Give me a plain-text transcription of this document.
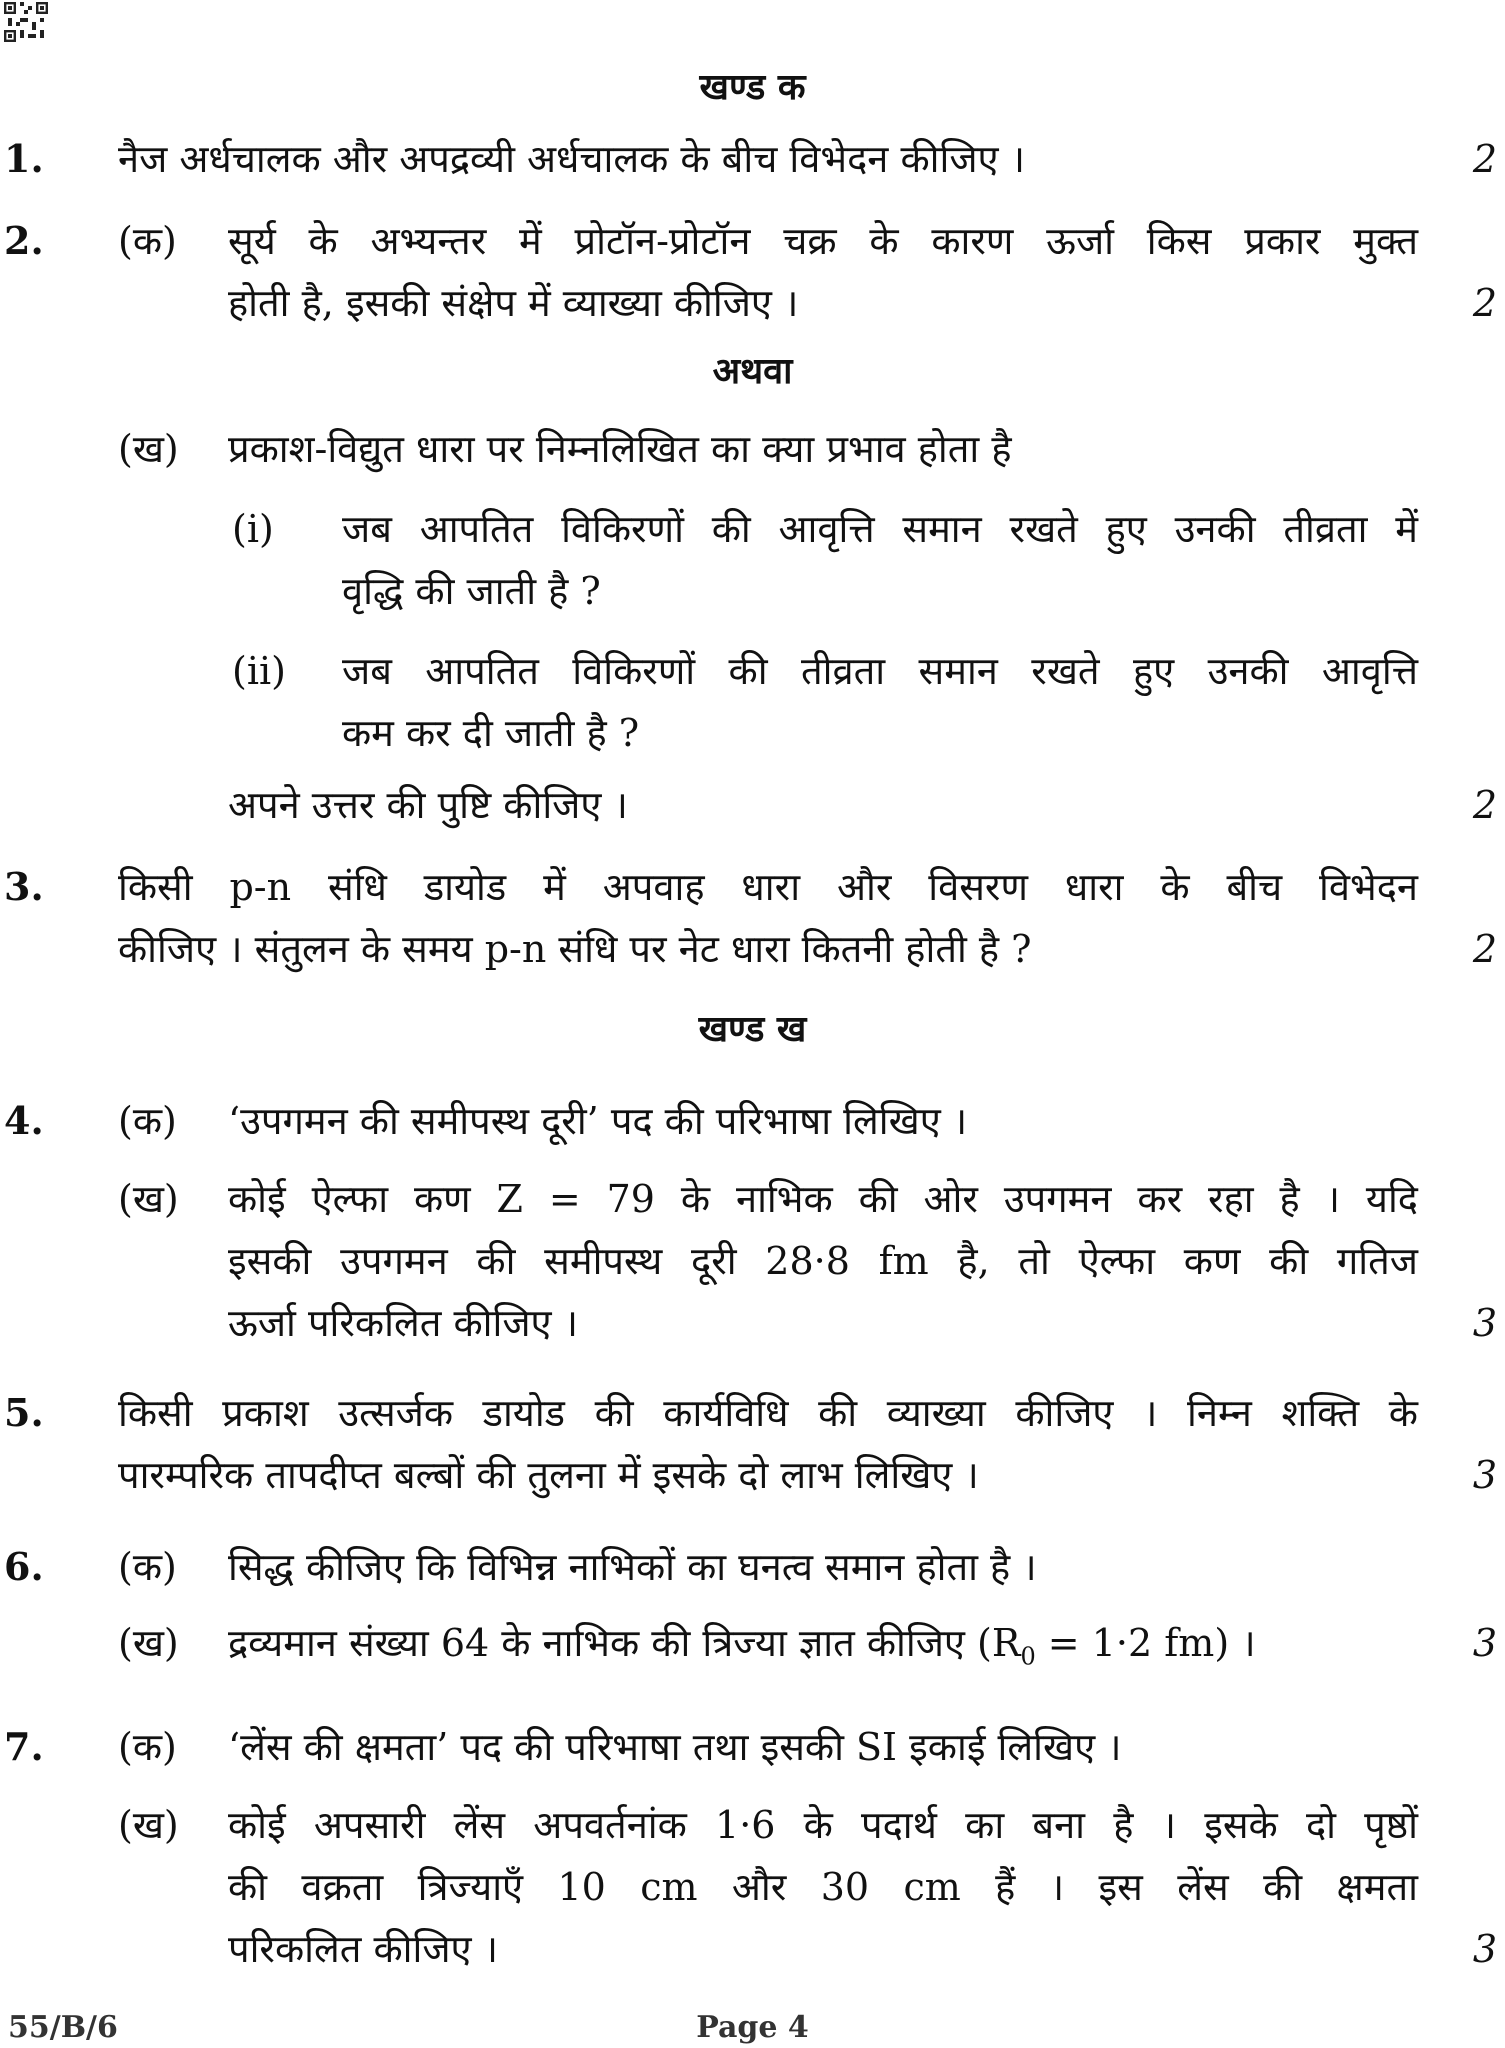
खण्ड क
1. नैज अर्धचालक और अपद्रव्यी अर्धचालक के बीच विभेदन कीजिए ।	2
2. (क) सूर्य के अभ्यन्तर में प्रोटॉन-प्रोटॉन चक्र के कारण ऊर्जा किस प्रकार मुक्त
होती है, इसकी संक्षेप में व्याख्या कीजिए ।	2
अथवा
(ख) प्रकाश-विद्युत धारा पर निम्नलिखित का क्या प्रभाव होता है
(i) जब आपतित विकिरणों की आवृत्ति समान रखते हुए उनकी तीव्रता में
वृद्धि की जाती है ?
(ii) जब आपतित विकिरणों की तीव्रता समान रखते हुए उनकी आवृत्ति
कम कर दी जाती है ?
अपने उत्तर की पुष्टि कीजिए ।	2
3. किसी p-n संधि डायोड में अपवाह धारा और विसरण धारा के बीच विभेदन
कीजिए । संतुलन के समय p-n संधि पर नेट धारा कितनी होती है ?	2
खण्ड ख
4. (क) ‘उपगमन की समीपस्थ दूरी’ पद की परिभाषा लिखिए ।
(ख) कोई ऐल्फा कण Z = 79 के नाभिक की ओर उपगमन कर रहा है । यदि
इसकी उपगमन की समीपस्थ दूरी 28·8 fm है, तो ऐल्फा कण की गतिज
ऊर्जा परिकलित कीजिए ।	3
5. किसी प्रकाश उत्सर्जक डायोड की कार्यविधि की व्याख्या कीजिए । निम्न शक्ति के
पारम्परिक तापदीप्त बल्बों की तुलना में इसके दो लाभ लिखिए ।	3
6. (क) सिद्ध कीजिए कि विभिन्न नाभिकों का घनत्व समान होता है ।
(ख) द्रव्यमान संख्या 64 के नाभिक की त्रिज्या ज्ञात कीजिए ($R_0 = 1\cdot 2$ fm) ।	3
7. (क) ‘लेंस की क्षमता’ पद की परिभाषा तथा इसकी SI इकाई लिखिए ।
(ख) कोई अपसारी लेंस अपवर्तनांक 1·6 के पदार्थ का बना है । इसके दो पृष्ठों
की वक्रता त्रिज्याएँ 10 cm और 30 cm हैं । इस लेंस की क्षमता
परिकलित कीजिए ।	3
55/B/6	Page 4
